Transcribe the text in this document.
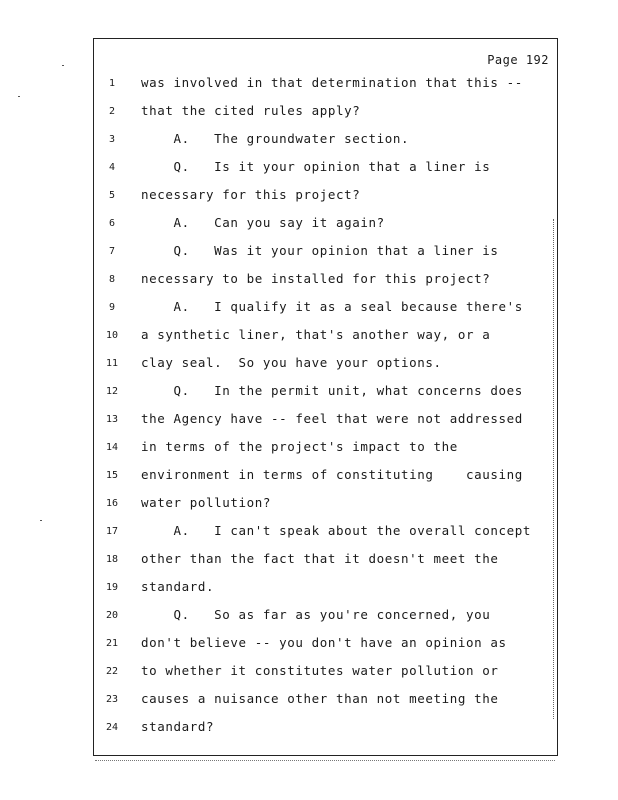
Page 192
1	was involved in that determination that this --
2	that the cited rules apply?
3	A.   The groundwater section.
4	Q.   Is it your opinion that a liner is
5	necessary for this project?
6	A.   Can you say it again?
7	Q.   Was it your opinion that a liner is
8	necessary to be installed for this project?
9	A.   I qualify it as a seal because there's
10	a synthetic liner, that's another way, or a
11	clay seal.  So you have your options.
12	Q.   In the permit unit, what concerns does
13	the Agency have -- feel that were not addressed
14	in terms of the project's impact to the
15	environment in terms of constituting    causing
16	water pollution?
17	A.   I can't speak about the overall concept
18	other than the fact that it doesn't meet the
19	standard.
20	Q.   So as far as you're concerned, you
21	don't believe -- you don't have an opinion as
22	to whether it constitutes water pollution or
23	causes a nuisance other than not meeting the
24	standard?
